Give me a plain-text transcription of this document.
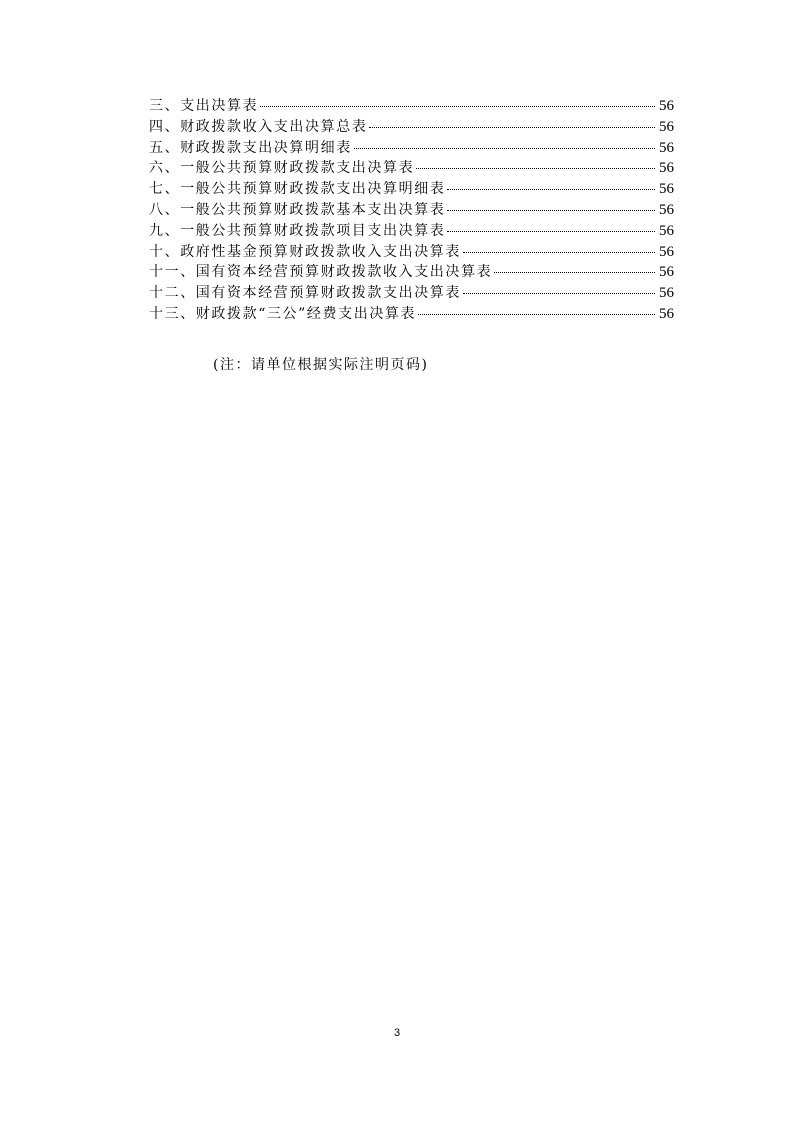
三、支出决算表	56
四、财政拨款收入支出决算总表	56
五、财政拨款支出决算明细表	56
六、一般公共预算财政拨款支出决算表	56
七、一般公共预算财政拨款支出决算明细表	56
八、一般公共预算财政拨款基本支出决算表	56
九、一般公共预算财政拨款项目支出决算表	56
十、政府性基金预算财政拨款收入支出决算表	56
十一、国有资本经营预算财政拨款收入支出决算表	56
十二、国有资本经营预算财政拨款支出决算表	56
十三、财政拨款“三公”经费支出决算表	56
(注：请单位根据实际注明页码)
3
